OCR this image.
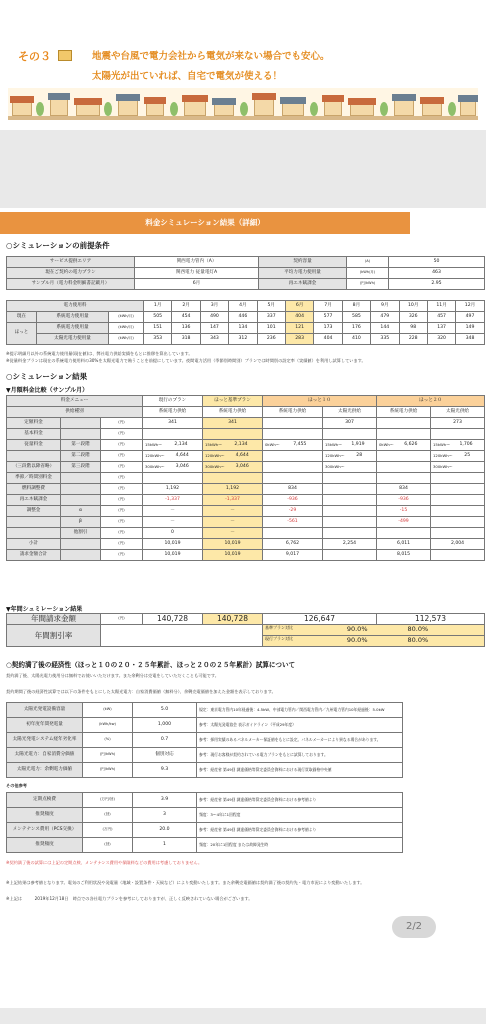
その３	地震や台風で電力会社から電気が来ない場合でも安心。
太陽光が出ていれば、自宅で電気が使える！
料金シミュレーション結果（詳細）
○シミュレーションの前提条件
サービス提供エリア	関西電力管内（A）	契約容量	(A)	50
現在ご契約の電力プラン	関西電力 従量電灯A	平均力電力使用量	(kWh/月)	463
サンプル月（電力料金明細書記載月）	6月	再エネ賦課金	(円/kWh)	2.95
電力使用料			1月	2月	3月	4月	5月	6月	7月	8月	9月	10月	11月	12月
現在	系統電力使用量	(kWh/月)	505	454	490	446	337	404	577	585	479	326	457	497
ほっと	系統電力使用量	(kWh/月)	151	136	147	134	101	121	173	176	144	98	137	149
	太陽光電力使用量	(kWh/月)	353	318	343	312	236	283	404	410	335	228	320	348
※提示明細月以外の系統電力使用量(現在値)は、弊社電力供給実績をもとに推移を算出しています。
※従量料金プランは現在の系統電力使用料の30%を太陽光電力で賄うことを前提にしています。夜間電力活用（季節別時間別）プランでは時間別の設定率（実績値）を利用し試算しています。
○シミュレーション結果
▼月額料金比較（サンプル月）
料金メニュー			現行のプラン	ほっと基準プラン	ほっと１０		ほっと２０	
供給種別			系統電力供給	系統電力供給	系統電力供給	太陽光供給	系統電力供給	太陽光供給
定額料金		(円)	341	341		307		273
基本料金		(円)						
従量料金	第一段階	(円)	15kWh～ 2,134	15kWh～ 2,134	0kWh～ 7,455	15kWh～ 1,919	0kWh～ 6,626	15kWh～ 1,706
	第二段階	(円)	120kWh～ 4,644	120kWh～ 4,644		120kWh～ 28		120kWh～ 25
（三段階以降省略）	第三段階	(円)	300kWh～ 3,046	300kWh～ 3,046		300kWh～		300kWh～

季節／時間別料金		(円)						
燃料調整費		(円)	1,192	1,192	834		834	
再エネ賦課金		(円)	-1,337	-1,337	-936		-936	
調整金	α	(円)	－	－	-29		-15	
	β	(円)	－	－	-561		-499	
	他割引	(円)	0	－				
小計		(円)	10,019	10,019	6,762	2,254	6,011	2,004
請求金額合計		(円)	10,019	10,019	9,017		8,015	
▼年間シュミレーション結果
年間請求金額	(円)	140,728	140,728	126,647	112,573

年間割引率				基準プラン対比 90.0% 80.0%	

				現行プラン対比 90.0% 80.0%	
○契約満了後の経済性（ほっと１０の２０・２５年累計、ほっと２０の２５年累計）試算について
契約満了後、太陽光電力使用分は無料でお使いいただけます。また余剰分は売電をしていただくことも可能です。
契約期間了後の経済性試算では以下の条件をもとにした太陽光電力：自家消費価値（無料分）、余剰売電価値を加えた金額を表示しております。
太陽光発電設備容量	(kW)	5.0	規定：東京電力管内10年経過後：4.5kW、中部電力管内／関西電力管内／九州電力管内10年経過後：5.0kW
初年度年間発電量	(kWh/kw)	1,000	参考：太陽光発電協会 表示ガイドライン（平成29年度）
太陽光発電システム経年劣化率	(%)	0.7	参考：採用実績のあるパネルメーカー保証値をもとに設定。パネルメーカーにより異なる場合があります。
太陽光電力：自家消費分価値	(円/kWh)	個別対応	参考：現行お客様が契約されている電力プランをもとに試算しております。
太陽光電力：余剰電力価値	(円/kWh)	9.3	参考：経産省 第49回 調達価格等算定委員会資料における現行買取価格中央値
その他参考
定期点検費	(万円/回)	3.9	参考：経産省 第49回 調達価格等算定委員会資料における参考値より
推奨頻度	(回)	3	頻度：3～4年に1回程度
メンテナンス費用（PCS交換）	(万円)	20.0	参考：経産省 第49回 調達価格等算定委員会資料における参考値より
推奨頻度	(回)	1	頻度：20年に1回程度 または故障発生時
※契約満了後の試算には上記の定期点検、メンテナンス費用や保険料などの費用は考慮しておりません。
※上記結果は参考値となります。電気のご利用状況や発電量（地域・設置条件・天候など）により変動いたします。また余剰売電価値は契約満了後の契約先・電力市況により変動いたします。
※上記は　　　2019年12月18日　時点での各社電力プランを参考にしておりますが、正しく反映されていない場合がございます。
2/2
